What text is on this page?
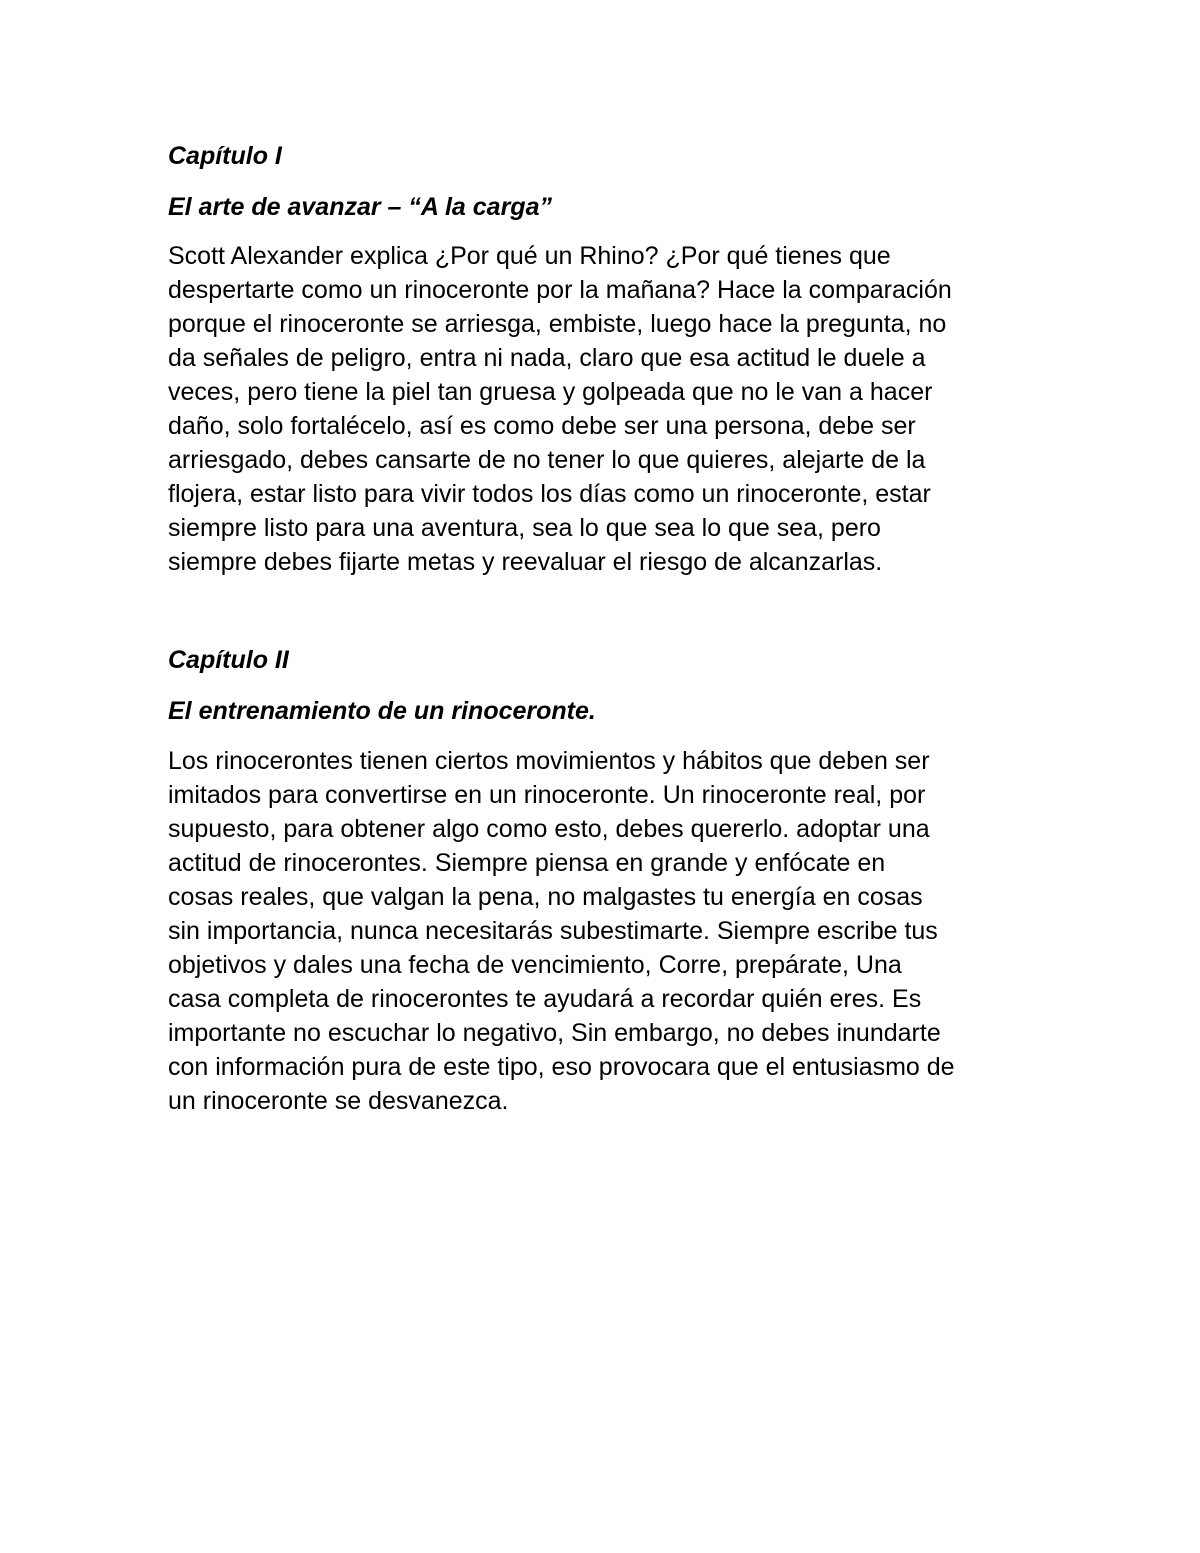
Capítulo I
El arte de avanzar – “A la carga”
Scott Alexander explica ¿Por qué un Rhino? ¿Por qué tienes que
despertarte como un rinoceronte por la mañana? Hace la comparación
porque el rinoceronte se arriesga, embiste, luego hace la pregunta, no
da señales de peligro, entra ni nada, claro que esa actitud le duele a
veces, pero tiene la piel tan gruesa y golpeada que no le van a hacer
daño, solo fortalécelo, así es como debe ser una persona, debe ser
arriesgado, debes cansarte de no tener lo que quieres, alejarte de la
flojera, estar listo para vivir todos los días como un rinoceronte, estar
siempre listo para una aventura, sea lo que sea lo que sea, pero
siempre debes fijarte metas y reevaluar el riesgo de alcanzarlas.
Capítulo II
El entrenamiento de un rinoceronte.
Los rinocerontes tienen ciertos movimientos y hábitos que deben ser
imitados para convertirse en un rinoceronte. Un rinoceronte real, por
supuesto, para obtener algo como esto, debes quererlo. adoptar una
actitud de rinocerontes. Siempre piensa en grande y enfócate en
cosas reales, que valgan la pena, no malgastes tu energía en cosas
sin importancia, nunca necesitarás subestimarte. Siempre escribe tus
objetivos y dales una fecha de vencimiento, Corre, prepárate, Una
casa completa de rinocerontes te ayudará a recordar quién eres. Es
importante no escuchar lo negativo, Sin embargo, no debes inundarte
con información pura de este tipo, eso provocara que el entusiasmo de
un rinoceronte se desvanezca.
